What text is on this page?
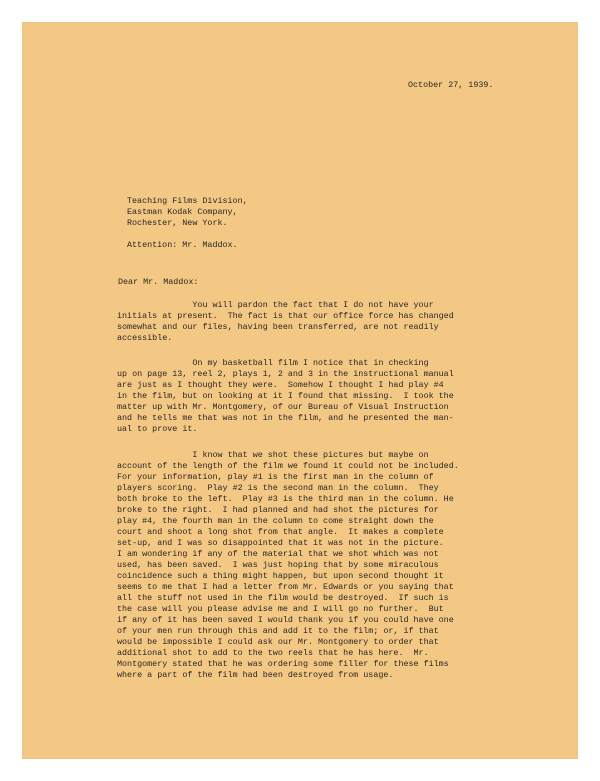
October 27, 1939.

Teaching Films Division,

Eastman Kodak Company,

Rochester, New York.

Attention: Mr. Maddox.

Dear Mr. Maddox:

You will pardon the fact that I do not have your
initials at present.  The fact is that our office force has changed
somewhat and our files, having been transferred, are not readily
accessible.
On my basketball film I notice that in checking
up on page 13, reel 2, plays 1, 2 and 3 in the instructional manual
are just as I thought they were.  Somehow I thought I had play #4
in the film, but on looking at it I found that missing.  I took the
matter up with Mr. Montgomery, of our Bureau of Visual Instruction
and he tells me that was not in the film, and he presented the man-
ual to prove it.
I know that we shot these pictures but maybe on
account of the length of the film we found it could not be included.
For your information, play #1 is the first man in the column of
players scoring.  Play #2 is the second man in the column.  They
both broke to the left.  Play #3 is the third man in the column. He
broke to the right.  I had planned and had shot the pictures for
play #4, the fourth man in the column to come straight down the
court and shoot a long shot from that angle.  It makes a complete
set-up, and I was so disappointed that it was not in the picture.
I am wondering if any of the material that we shot which was not
used, has been saved.  I was just hoping that by some miraculous
coincidence such a thing might happen, but upon second thought it
seems to me that I had a letter from Mr. Edwards or you saying that
all the stuff not used in the film would be destroyed.  If such is
the case will you please advise me and I will go no further.  But
if any of it has been saved I would thank you if you could have one
of your men run through this and add it to the film; or, if that
would be impossible I could ask our Mr. Montgomery to order that
additional shot to add to the two reels that he has here.  Mr.
Montgomery stated that he was ordering some filler for these films
where a part of the film had been destroyed from usage.
